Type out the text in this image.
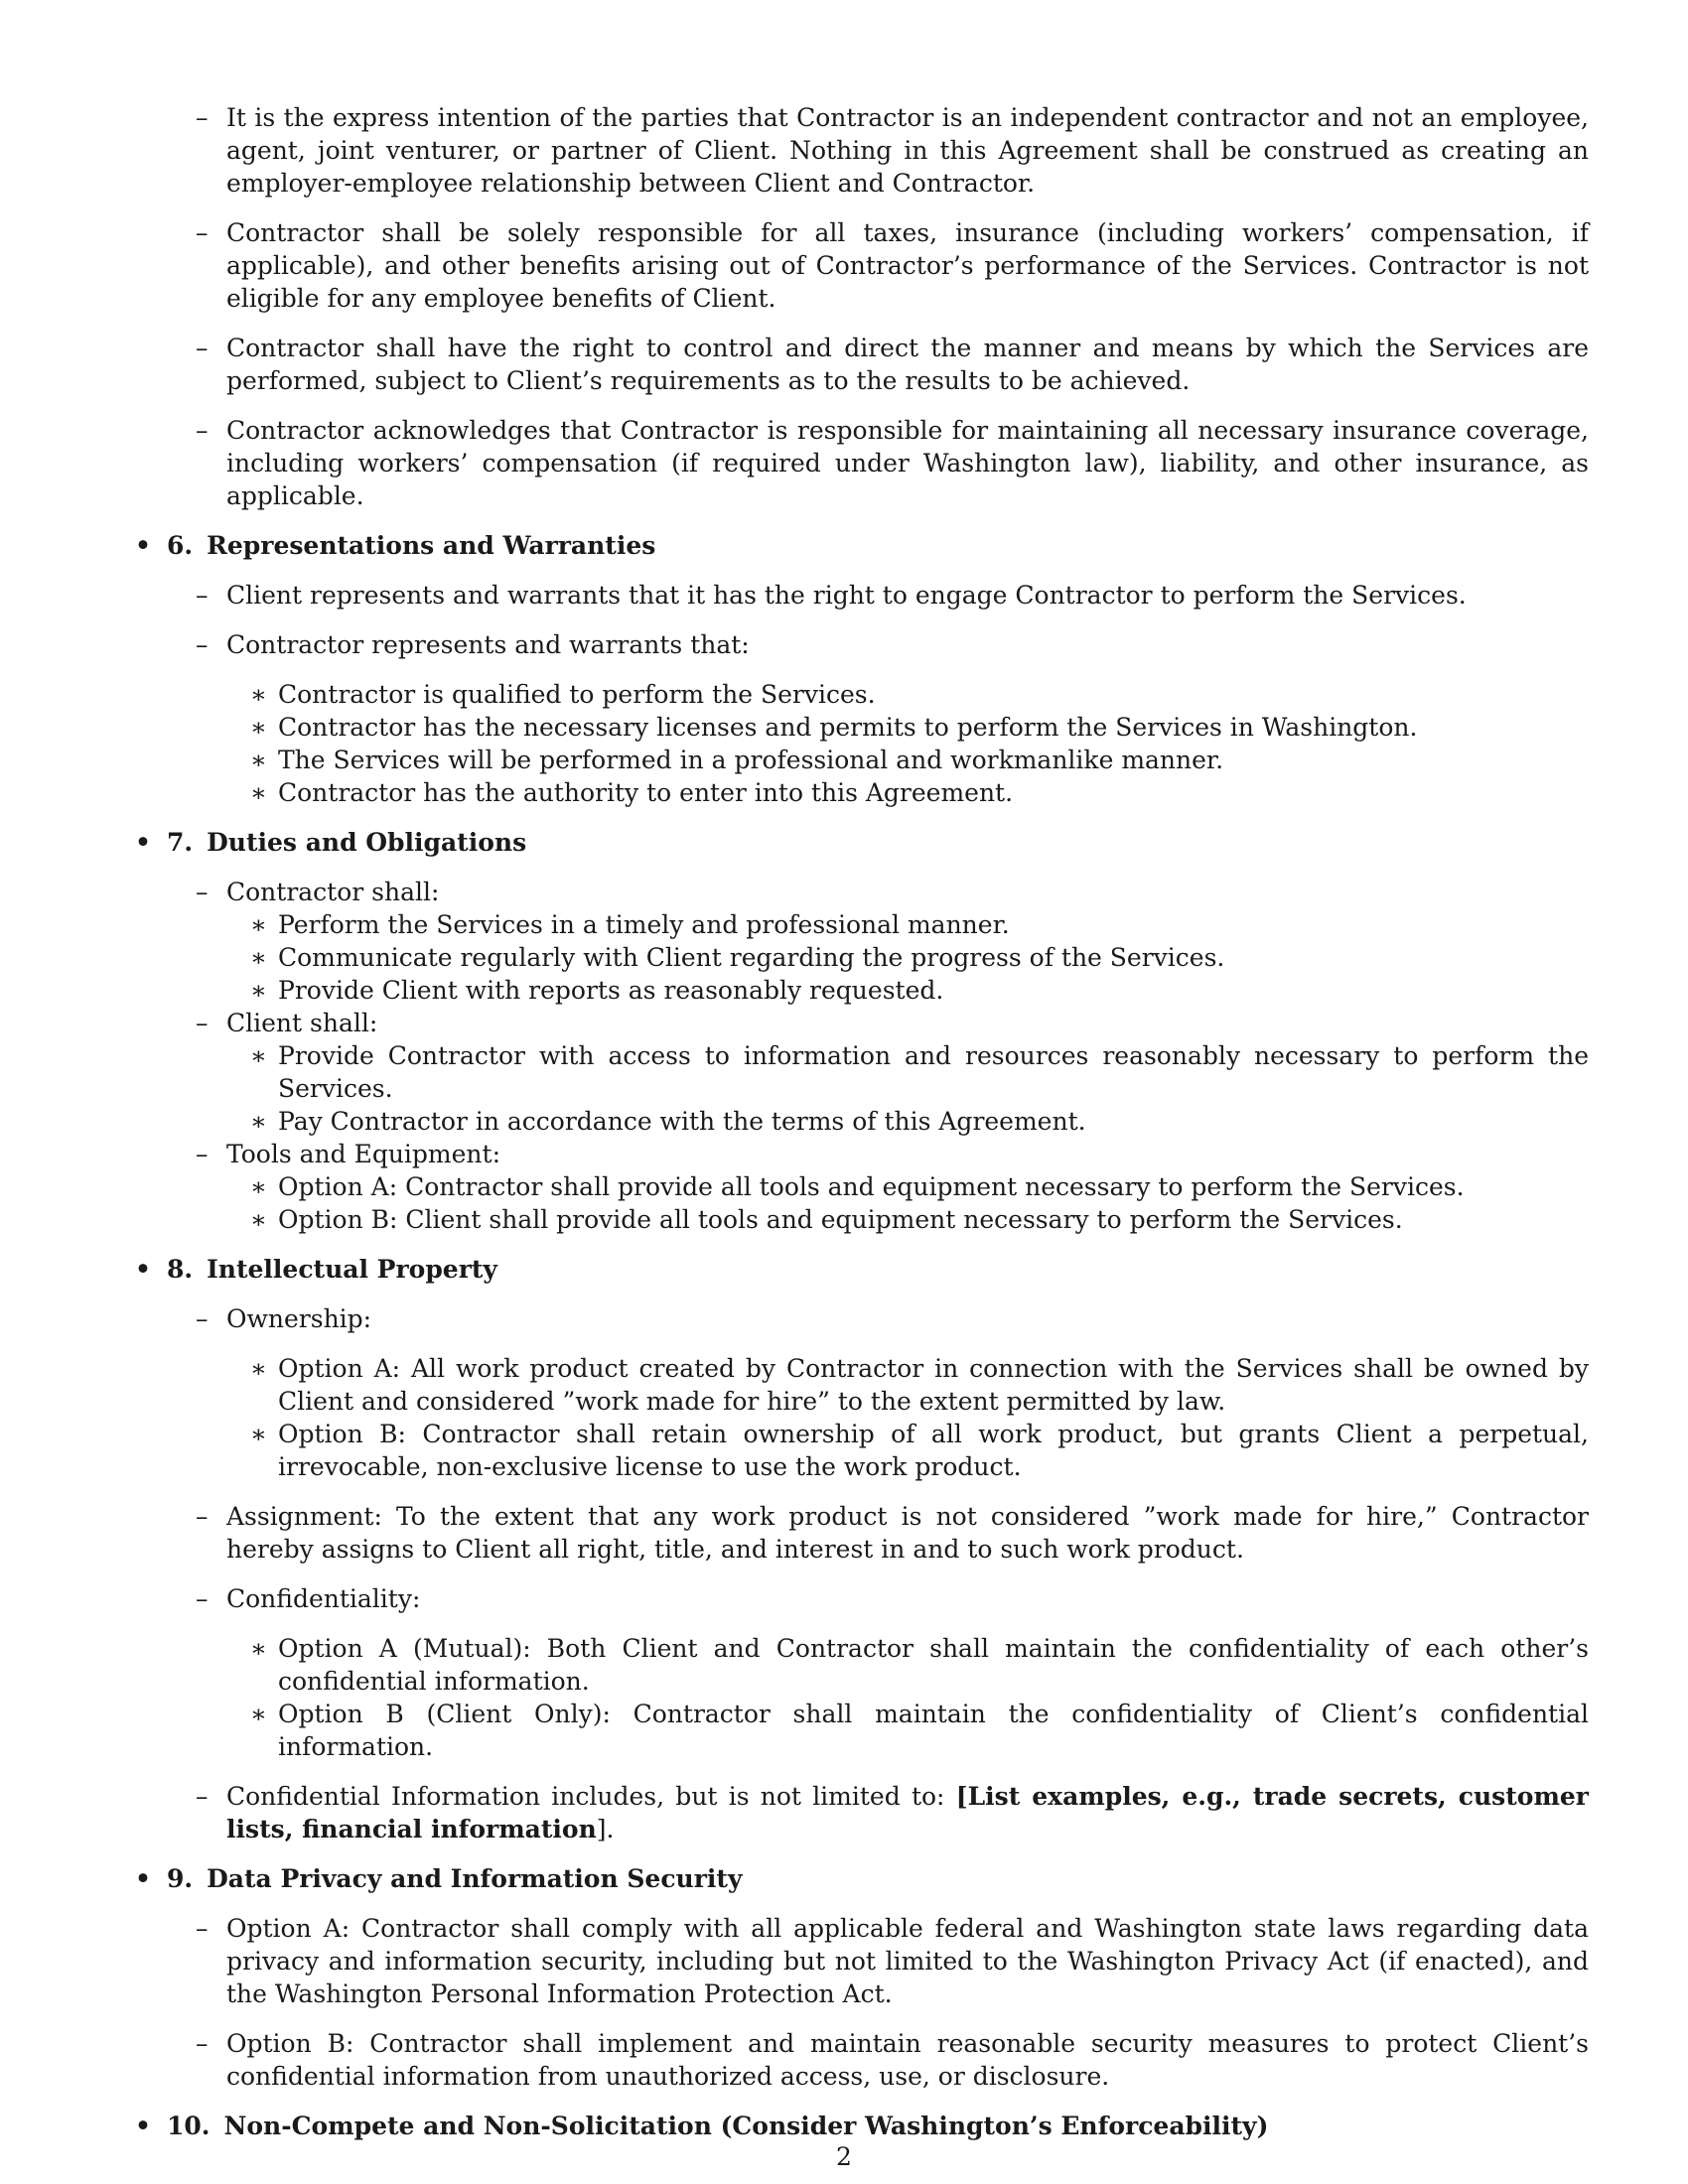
– It is the express intention of the parties that Contractor is an independent contractor and not an employee, agent, joint venturer, or partner of Client. Nothing in this Agreement shall be construed as creating an employer-employee relationship between Client and Contractor.
– Contractor shall be solely responsible for all taxes, insurance (including workers’ compensation, if applicable), and other benefits arising out of Contractor’s performance of the Services. Contractor is not eligible for any employee benefits of Client.
– Contractor shall have the right to control and direct the manner and means by which the Services are performed, subject to Client’s requirements as to the results to be achieved.
– Contractor acknowledges that Contractor is responsible for maintaining all necessary insurance coverage, including workers’ compensation (if required under Washington law), liability, and other insurance, as applicable.
• 6. Representations and Warranties
– Client represents and warrants that it has the right to engage Contractor to perform the Services.
– Contractor represents and warrants that:
∗ Contractor is qualified to perform the Services.
∗ Contractor has the necessary licenses and permits to perform the Services in Washington.
∗ The Services will be performed in a professional and workmanlike manner.
∗ Contractor has the authority to enter into this Agreement.
• 7. Duties and Obligations
– Contractor shall:
∗ Perform the Services in a timely and professional manner.
∗ Communicate regularly with Client regarding the progress of the Services.
∗ Provide Client with reports as reasonably requested.
– Client shall:
∗ Provide Contractor with access to information and resources reasonably necessary to perform the Services.
∗ Pay Contractor in accordance with the terms of this Agreement.
– Tools and Equipment:
∗ Option A: Contractor shall provide all tools and equipment necessary to perform the Services.
∗ Option B: Client shall provide all tools and equipment necessary to perform the Services.
• 8. Intellectual Property
– Ownership:
∗ Option A: All work product created by Contractor in connection with the Services shall be owned by Client and considered ”work made for hire” to the extent permitted by law.
∗ Option B: Contractor shall retain ownership of all work product, but grants Client a perpetual, irrevocable, non-exclusive license to use the work product.
– Assignment: To the extent that any work product is not considered ”work made for hire,” Contractor hereby assigns to Client all right, title, and interest in and to such work product.
– Confidentiality:
∗ Option A (Mutual): Both Client and Contractor shall maintain the confidentiality of each other’s confidential information.
∗ Option B (Client Only): Contractor shall maintain the confidentiality of Client’s confidential information.
– Confidential Information includes, but is not limited to: [List examples, e.g., trade secrets, customer lists, financial information].
• 9. Data Privacy and Information Security
– Option A: Contractor shall comply with all applicable federal and Washington state laws regarding data privacy and information security, including but not limited to the Washington Privacy Act (if enacted), and the Washington Personal Information Protection Act.
– Option B: Contractor shall implement and maintain reasonable security measures to protect Client’s confidential information from unauthorized access, use, or disclosure.
• 10. Non-Compete and Non-Solicitation (Consider Washington’s Enforceability)
2
